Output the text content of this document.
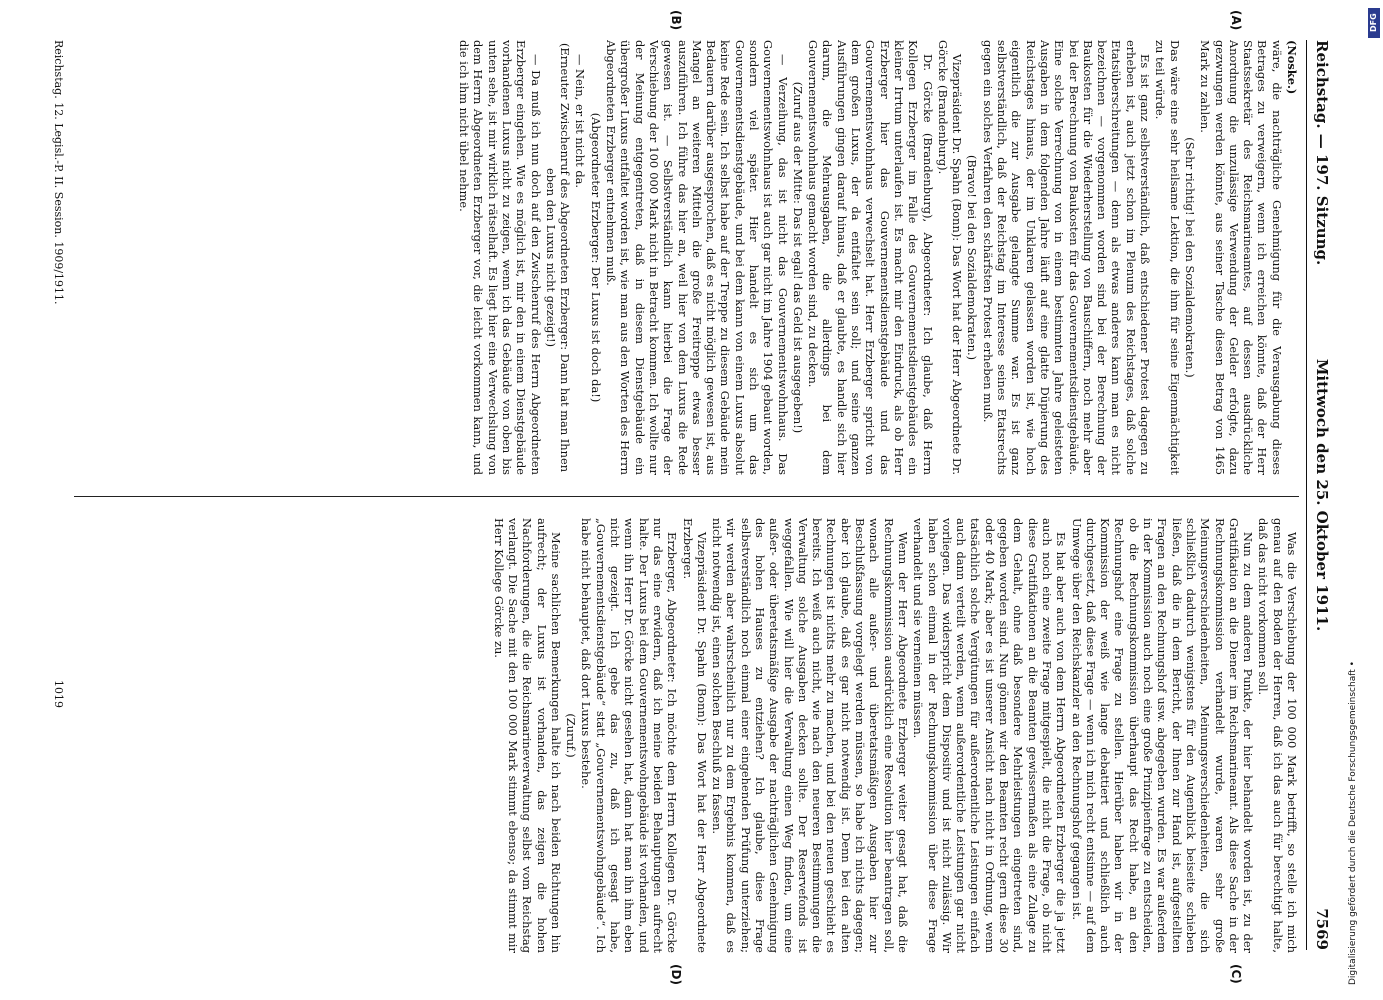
Reichstag. — 197. Sitzung.
Mittwoch den 25. Oktober 1911.
7569

(Noske.)

wäre, die nachträgliche Genehmigung für die Verausgabung dieses Betrages zu verweigern, wenn ich erreichen könnte, daß der Herr Staatssekretär des Reichsmarineamtes, auf dessen ausdrückliche Anordnung die unzulässige Verwendung der Gelder erfolgte, dazu gezwungen werden könnte, aus seiner Tasche diesen Betrag von 1465 Mark zu zahlen.

(Sehr richtig! bei den Sozialdemokraten.)

Das wäre eine sehr heilsame Lektion, die ihm für seine Eigenmächtigkeit zu teil würde.

Es ist ganz selbstverständlich, daß entschiedener Protest dagegen zu erheben ist, auch jetzt schon im Plenum des Reichstages, daß solche Etatsüberschreitungen — denn als etwas anderes kann man es nicht bezeichnen — vorgenommen worden sind bei der Berechnung der Baukosten für die Wiederherstellung von Bauschiffern, noch mehr aber bei der Berechnung von Baukosten für das Gouvernementsdienstgebäude. Eine solche Verrechnung von in einem bestimmten Jahre geleisteten Ausgaben in dem folgenden Jahre läuft auf eine glatte Düpierung des Reichstages hinaus, der im Unklaren gelassen worden ist, wie hoch eigentlich die zur Ausgabe gelangte Summe war. Es ist ganz selbstverständlich, daß der Reichstag im Interesse seines Etatsrechts gegen ein solches Verfahren den schärfsten Protest erheben muß.

(Bravo! bei den Sozialdemokraten.)

Vizepräsident Dr. Spahn (Bonn): Das Wort hat der Herr Abgeordnete Dr. Görcke (Brandenburg).

Dr. Görcke (Brandenburg), Abgeordneter: Ich glaube, daß Herrn Kollegen Erzberger im Falle des Gouvernementsdienstgebäudes ein kleiner Irrtum unterlaufen ist. Es macht mir den Eindruck, als ob Herr Erzberger hier das Gouvernementsdienstgebäude und das Gouvernementswohnhaus verwechselt hat. Herr Erzberger spricht von dem großen Luxus, der da entfaltet sein soll; und seine ganzen Ausführungen gingen darauf hinaus, daß er glaubte, es handle sich hier darum, die Mehrausgaben, die allerdings bei dem Gouvernementswohnhaus gemacht worden sind, zu decken.

(Zuruf aus der Mitte: Das ist egal! das Geld ist ausgegeben!)

— Verzeihung, das ist nicht das Gouvernementswohnhaus. Das Gouvernementswohnhaus ist auch gar nicht im Jahre 1904 gebaut worden, sondern viel später. Hier handelt es sich um das Gouvernementsdienstgebäude, und bei dem kann von einem Luxus absolut keine Rede sein. Ich selbst habe auf der Treppe zu diesem Gebäude mein Bedauern darüber ausgesprochen, daß es nicht möglich gewesen ist, aus Mangel an weiteren Mitteln die große Freitreppe etwas besser auszuführen. Ich führe das hier an, weil hier von dem Luxus die Rede gewesen ist. — Selbstverständlich kann hierbei die Frage der Verschiebung der 100 000 Mark nicht in Betracht kommen. Ich wollte nur der Meinung entgegentreten, daß in diesem Dienstgebäude ein übergroßer Luxus entfaltet worden ist, wie man aus den Worten des Herrn Abgeordneten Erzberger entnehmen muß.

(Abgeordneter Erzberger: Der Luxus ist doch da!)

— Nein, er ist nicht da.

(Erneuter Zwischenruf des Abgeordneten Erzberger: Dann hat man Ihnen eben den Luxus nicht gezeigt!)

— Da muß ich nun doch auf den Zwischenruf des Herrn Abgeordneten Erzberger eingehen. Wie es möglich ist, mir den in einem Dienstgebäude vorhandenen Luxus nicht zu zeigen, wenn ich das Gebäude von oben bis unten sehe, ist mir wirklich rätselhaft. Es liegt hier eine Verwechslung von dem Herrn Abgeordneten Erzberger vor, die leicht vorkommen kann, und die ich ihm nicht übel nehme.

Was die Verschiebung der 100 000 Mark betrifft, so stelle ich mich genau auf den Boden der Herren, daß ich das auch für berechtigt halte, daß das nicht vorkommen soll.

Nun zu dem anderen Punkte, der hier behandelt worden ist, zu der Gratifikation an die Diener im Reichsmarineamt. Als diese Sache in der Rechnungskommission verhandelt wurde, waren sehr große Meinungsverschiedenheiten, Meinungsverschiedenheiten, die sich schließlich dadurch wenigstens für den Augenblick beiseite schieben ließen, daß die in dem Bericht, der Ihnen zur Hand ist, aufgestellten Fragen an den Rechnungshof usw. abgegeben wurden. Es war außerdem in der Kommission auch noch eine große Prinzipienfrage zu entscheiden, ob die Rechnungskommission überhaupt das Recht habe, an den Rechnungshof eine Frage zu stellen. Hierüber haben wir in der Kommission der weiß wie lange debattiert und schließlich auch durchgesetzt, daß diese Frage — wenn ich mich recht entsinne — auf dem Umwege über den Reichskanzler an den Rechnungshof gegangen ist.

Es hat aber auch von dem Herrn Abgeordneten Erzberger die ja jetzt auch noch eine zweite Frage mitgespielt, die nicht die Frage, ob nicht diese Gratifikationen an die Beamten gewissermaßen als eine Zulage zu dem Gehalt, ohne daß besondere Mehrleistungen eingetreten sind, gegeben worden sind. Nun gönnen wir den Beamten recht gern diese 30 oder 40 Mark; aber es ist unserer Ansicht nach nicht in Ordnung, wenn tatsächlich solche Vergütungen für außerordentliche Leistungen einfach auch dann verteilt werden, wenn außerordentliche Leistungen gar nicht vorliegen. Das widerspricht dem Dispositiv und ist nicht zulässig. Wir haben schon einmal in der Rechnungskommission über diese Frage verhandelt und sie verneinen müssen.

Wenn der Herr Abgeordnete Erzberger weiter gesagt hat, daß die Rechnungskommission ausdrücklich eine Resolution hier beantragen soll, wonach alle außer- und überetatsmäßigen Ausgaben hier zur Beschlußfassung vorgelegt werden müssen, so habe ich nichts dagegen; aber ich glaube, daß es gar nicht notwendig ist. Denn bei den alten Rechnungen ist nichts mehr zu machen, und bei den neuen geschieht es bereits. Ich weiß auch nicht, wie nach den neueren Bestimmungen die Verwaltung solche Ausgaben decken sollte. Der Reservefonds ist weggefallen. Wie will hier die Verwaltung einen Weg finden, um eine außer- oder überetatsmäßige Ausgabe der nachträglichen Genehmigung des hohen Hauses zu entziehen? Ich glaube, diese Frage selbstverständlich noch einmal einer eingehenden Prüfung unterziehen; wir werden aber wahrscheinlich nur zu dem Ergebnis kommen, daß es nicht notwendig ist, einen solchen Beschluß zu fassen.

Vizepräsident Dr. Spahn (Bonn): Das Wort hat der Herr Abgeordnete Erzberger.

Erzberger, Abgeordneter: Ich möchte dem Herrn Kollegen Dr. Görcke nur das eine erwidern, daß ich meine beiden Behauptungen aufrecht halte. Der Luxus bei dem Gouvernementswohngebäude ist vorhanden, und wenn ihn Herr Dr. Görcke nicht gesehen hat, dann hat man ihn ihm eben nicht gezeigt. Ich gebe das zu, daß ich gesagt habe, „Gouvernementsdienstgebäude“ statt „Gouvernementswohngebäude“. Ich habe nicht behauptet, daß dort Luxus bestehe.

(Zuruf.)

Meine sachlichen Bemerkungen halte ich nach beiden Richtungen hin aufrecht; der Luxus ist vorhanden, das zeigen die hohen Nachforderungen, die die Reichsmarineverwaltung selbst vom Reichstag verlangt. Die Sache mit den 100 000 Mark stimmt ebenso; da stimmt mir Herr Kollege Görcke zu.

(A)
(B)
(C)
(D)
Reichstag. 12. Legisl.-P. II. Session. 1909/1911.
1019
DFG
Digitalisierung gefördert durch die Deutsche Forschungsgemeinschaft •
